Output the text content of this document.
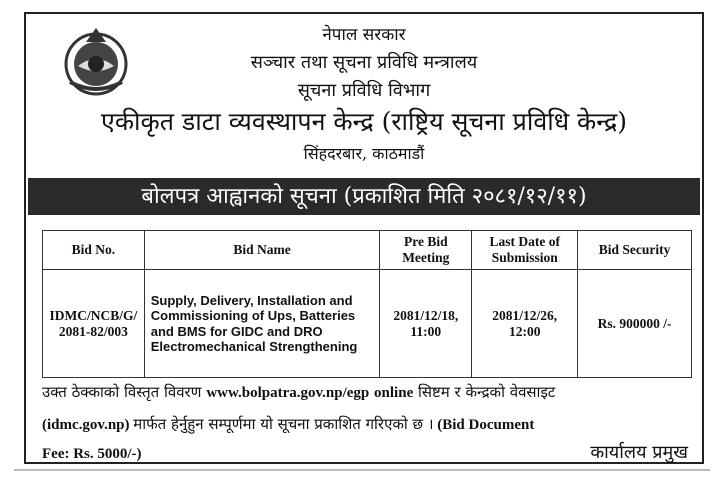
नेपाल सरकार
सञ्चार तथा सूचना प्रविधि मन्त्रालय
सूचना प्रविधि विभाग
एकीकृत डाटा व्यवस्थापन केन्द्र (राष्ट्रिय सूचना प्रविधि केन्द्र)
सिंहदरबार, काठमाडौं
बोलपत्र आह्वानको सूचना (प्रकाशित मिति २०८१/१२/११)
Bid No.	Bid Name	Pre Bid Meeting	Last Date of Submission	Bid Security
IDMC/NCB/G/2081-82/003	Supply, Delivery, Installation and Commissioning of Ups, Batteries and BMS for GIDC and DRO Electromechanical Strengthening	2081/12/18, 11:00	2081/12/26, 12:00	Rs. 900000 /-
उक्त ठेक्काको विस्तृत विवरण www.bolpatra.gov.np/egp online सिष्टम र केन्द्रको वेवसाइट
(idmc.gov.np) मार्फत हेर्नुहुन सम्पूर्णमा यो सूचना प्रकाशित गरिएको छ । (Bid Document
Fee: Rs. 5000/-)	कार्यालय प्रमुख
